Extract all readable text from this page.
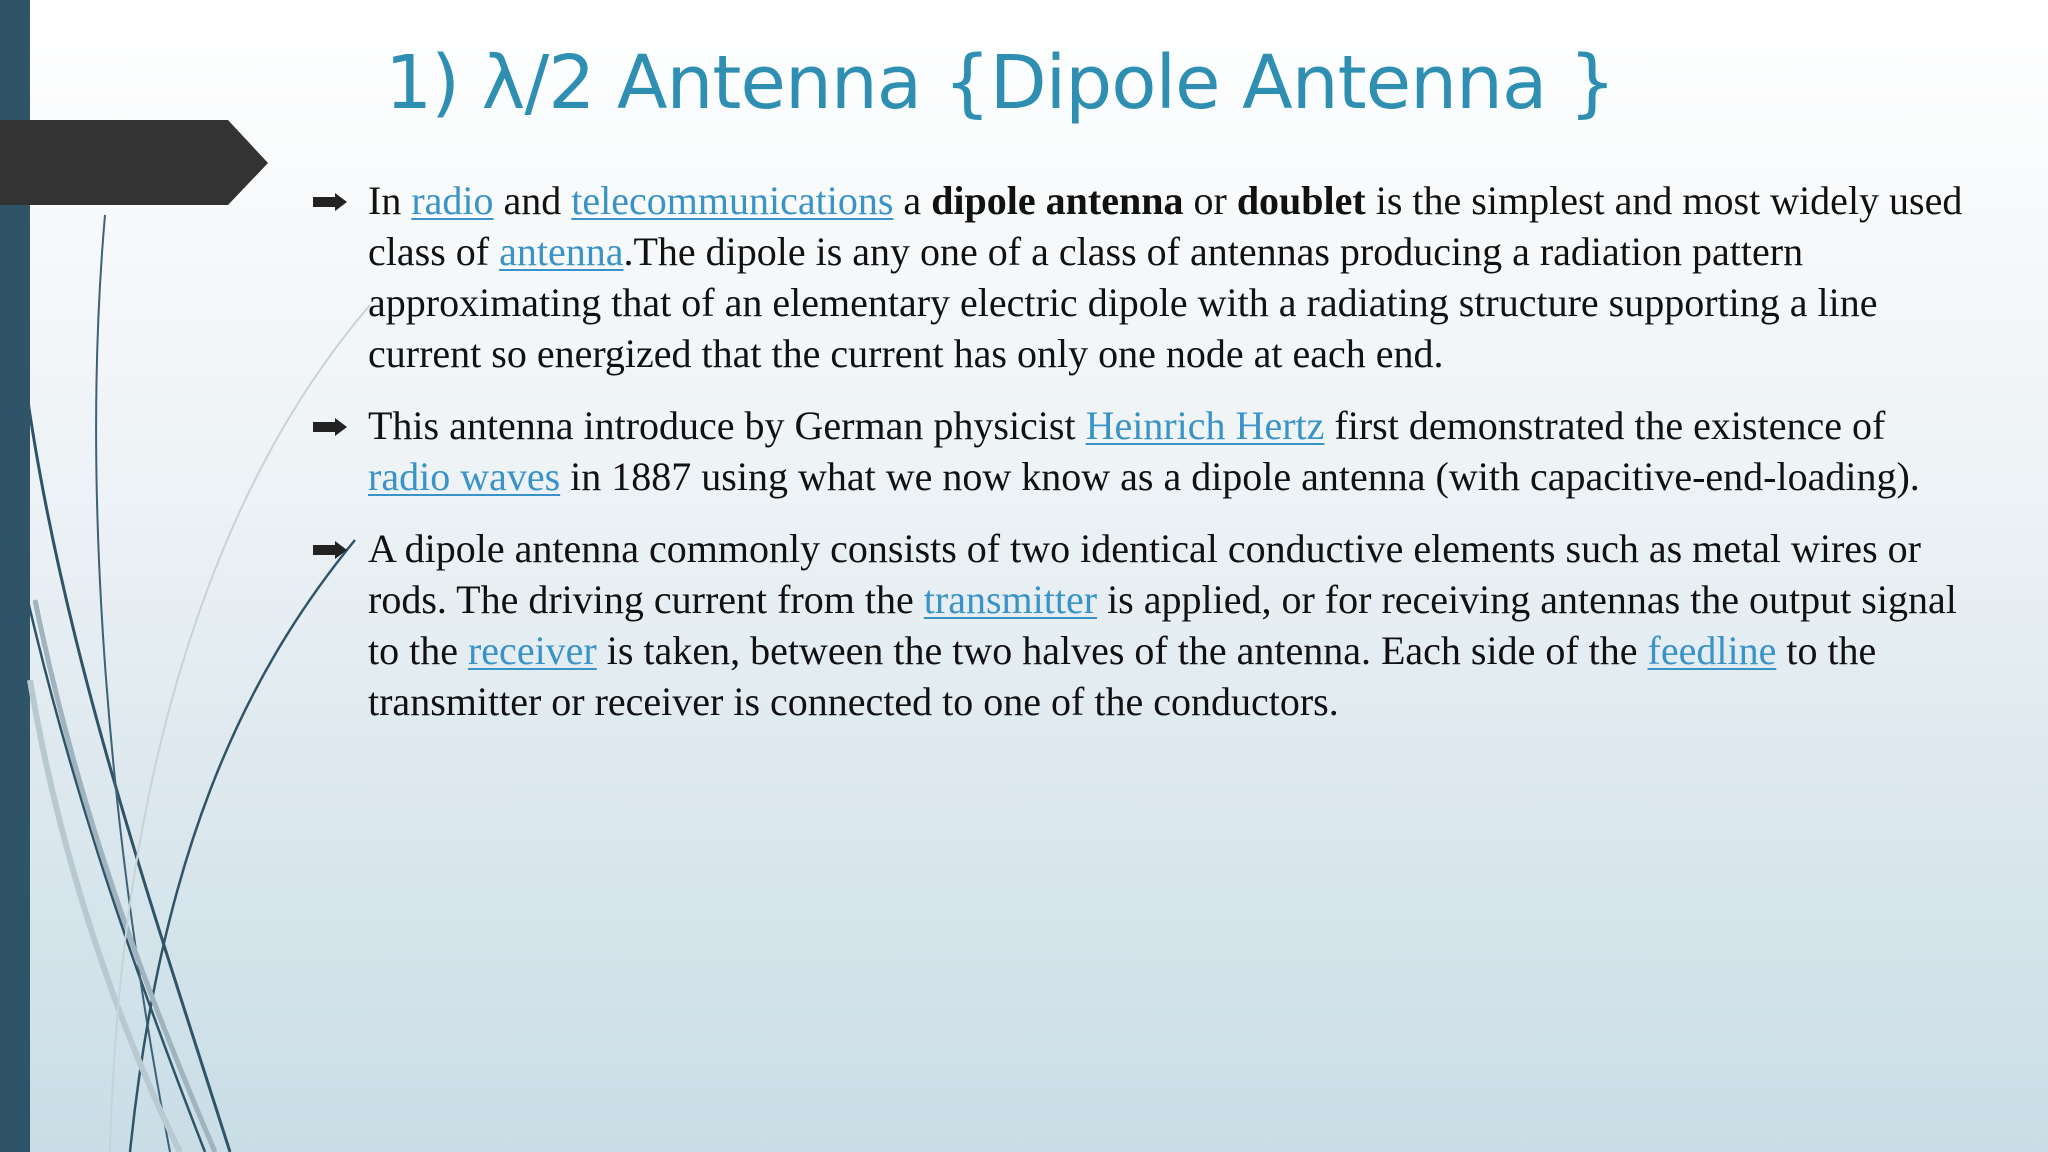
1) λ/2 Antenna {Dipole Antenna }
In radio and telecommunications a dipole antenna or doublet is the simplest and most widely used class of antenna.The dipole is any one of a class of antennas producing a radiation pattern approximating that of an elementary electric dipole with a radiating structure supporting a line current so energized that the current has only one node at each end.
This antenna introduce by German physicist Heinrich Hertz first demonstrated the existence of radio waves in 1887 using what we now know as a dipole antenna (with capacitive-end-loading).
A dipole antenna commonly consists of two identical conductive elements such as metal wires or rods. The driving current from the transmitter is applied, or for receiving antennas the output signal to the receiver is taken, between the two halves of the antenna. Each side of the feedline to the transmitter or receiver is connected to one of the conductors.
